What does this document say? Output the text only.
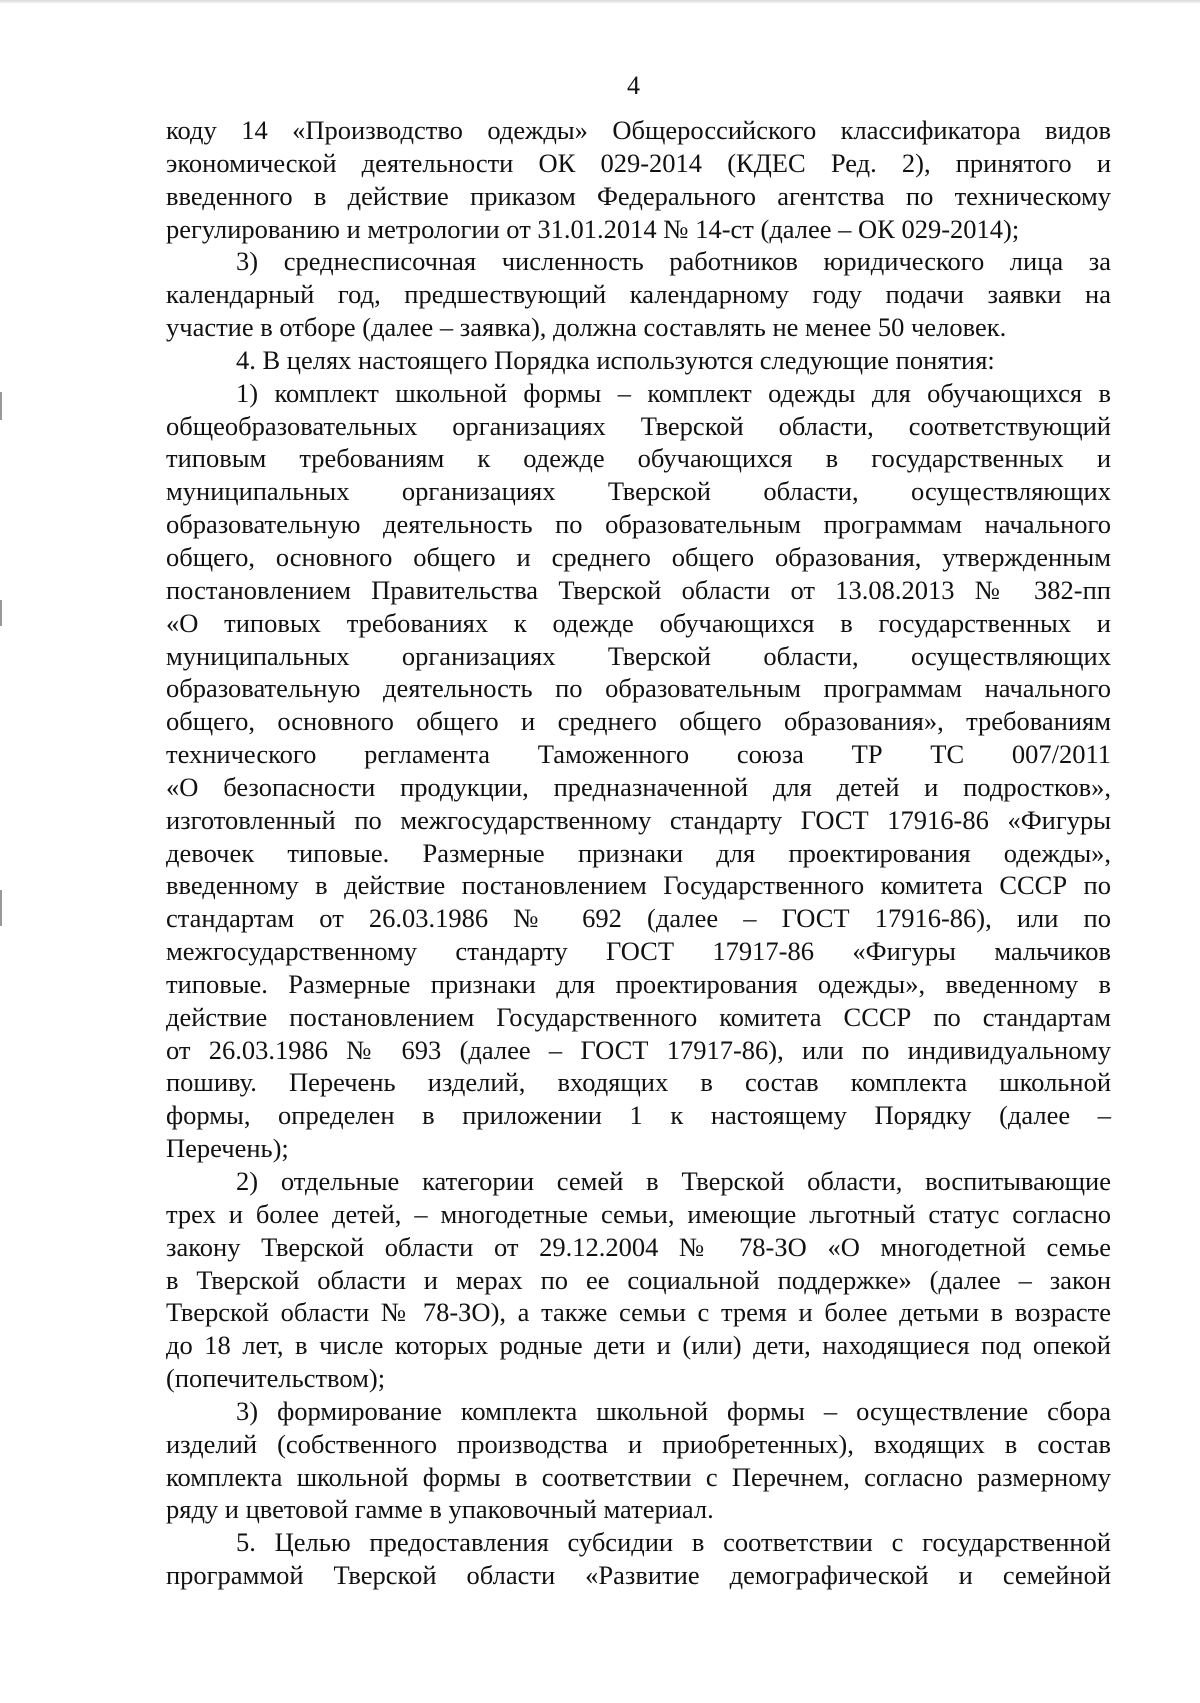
4
коду 14 «Производство одежды» Общероссийского классификатора видов
экономической деятельности ОК 029-2014 (КДЕС Ред. 2), принятого и
введенного в действие приказом Федерального агентства по техническому
регулированию и метрологии от 31.01.2014 № 14-ст (далее – ОК 029-2014);
3) среднесписочная численность работников юридического лица за
календарный год, предшествующий календарному году подачи заявки на
участие в отборе (далее – заявка), должна составлять не менее 50 человек.
4. В целях настоящего Порядка используются следующие понятия:
1) комплект школьной формы – комплект одежды для обучающихся в
общеобразовательных организациях Тверской области, соответствующий
типовым требованиям к одежде обучающихся в государственных и
муниципальных организациях Тверской области, осуществляющих
образовательную деятельность по образовательным программам начального
общего, основного общего и среднего общего образования, утвержденным
постановлением Правительства Тверской области от 13.08.2013 № 382-пп
«О типовых требованиях к одежде обучающихся в государственных и
муниципальных организациях Тверской области, осуществляющих
образовательную деятельность по образовательным программам начального
общего, основного общего и среднего общего образования», требованиям
технического регламента Таможенного союза ТР ТС 007/2011
«О безопасности продукции, предназначенной для детей и подростков»,
изготовленный по межгосударственному стандарту ГОСТ 17916-86 «Фигуры
девочек типовые. Размерные признаки для проектирования одежды»,
введенному в действие постановлением Государственного комитета СССР по
стандартам от 26.03.1986 № 692 (далее – ГОСТ 17916-86), или по
межгосударственному стандарту ГОСТ 17917-86 «Фигуры мальчиков
типовые. Размерные признаки для проектирования одежды», введенному в
действие постановлением Государственного комитета СССР по стандартам
от 26.03.1986 № 693 (далее – ГОСТ 17917-86), или по индивидуальному
пошиву. Перечень изделий, входящих в состав комплекта школьной
формы, определен в приложении 1 к настоящему Порядку (далее –
Перечень);
2) отдельные категории семей в Тверской области, воспитывающие
трех и более детей, – многодетные семьи, имеющие льготный статус согласно
закону Тверской области от 29.12.2004 № 78-ЗО «О многодетной семье
в Тверской области и мерах по ее социальной поддержке» (далее – закон
Тверской области № 78-ЗО), а также семьи с тремя и более детьми в возрасте
до 18 лет, в числе которых родные дети и (или) дети, находящиеся под опекой
(попечительством);
3) формирование комплекта школьной формы – осуществление сбора
изделий (собственного производства и приобретенных), входящих в состав
комплекта школьной формы в соответствии с Перечнем, согласно размерному
ряду и цветовой гамме в упаковочный материал.
5. Целью предоставления субсидии в соответствии с государственной
программой Тверской области «Развитие демографической и семейной
